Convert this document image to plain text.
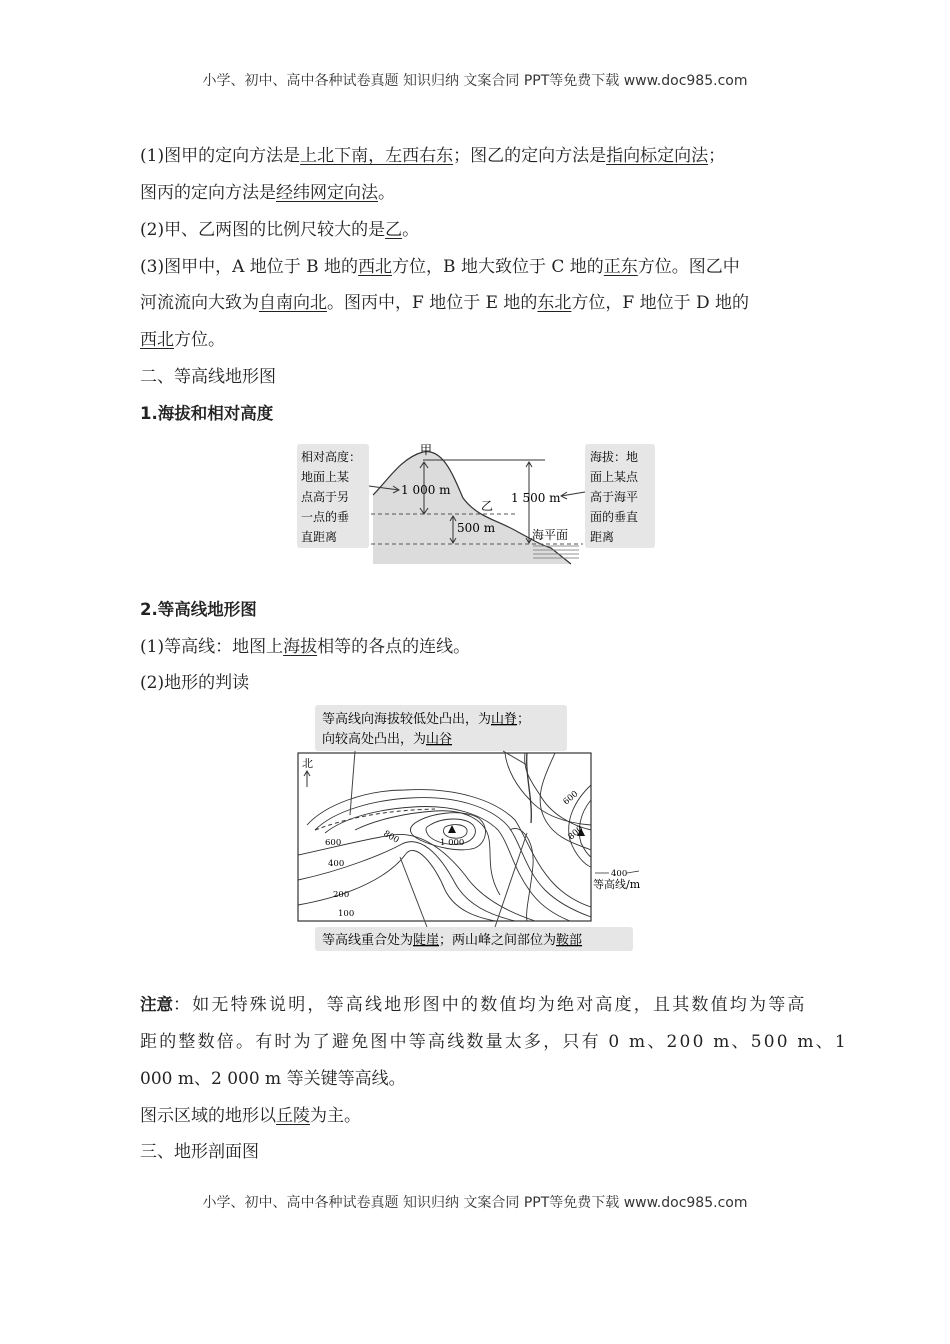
小学、初中、高中各种试卷真题 知识归纳 文案合同 PPT等免费下载 www.doc985.com
(1)图甲的定向方法是上北下南，左西右东；图乙的定向方法是指向标定向法；
图丙的定向方法是经纬网定向法。
(2)甲、乙两图的比例尺较大的是乙。
(3)图甲中，A 地位于 B 地的西北方位，B 地大致位于 C 地的正东方位。图乙中
河流流向大致为自南向北。图丙中，F 地位于 E 地的东北方位，F 地位于 D 地的
西北方位。
二、等高线地形图
1.海拔和相对高度
甲
乙
1 000 m
500 m
1 500 m
海平面
相对高度：
地面上某
点高于另
一点的垂
直距离
海拔：地
面上某点
高于海平
面的垂直
距离
2.等高线地形图
(1)等高线：地图上海拔相等的各点的连线。
(2)地形的判读
等高线向海拔较低处凸出，为山脊；
向较高处凸出，为山谷
北
600
800
1 000
800
600
400
200
100
400
等高线/m
等高线重合处为陡崖；两山峰之间部位为鞍部
注意：如无特殊说明，等高线地形图中的数值均为绝对高度，且其数值均为等高
距的整数倍。有时为了避免图中等高线数量太多，只有 0 m、200 m、500 m、1
000 m、2 000 m 等关键等高线。
图示区域的地形以丘陵为主。
三、地形剖面图
小学、初中、高中各种试卷真题 知识归纳 文案合同 PPT等免费下载 www.doc985.com
